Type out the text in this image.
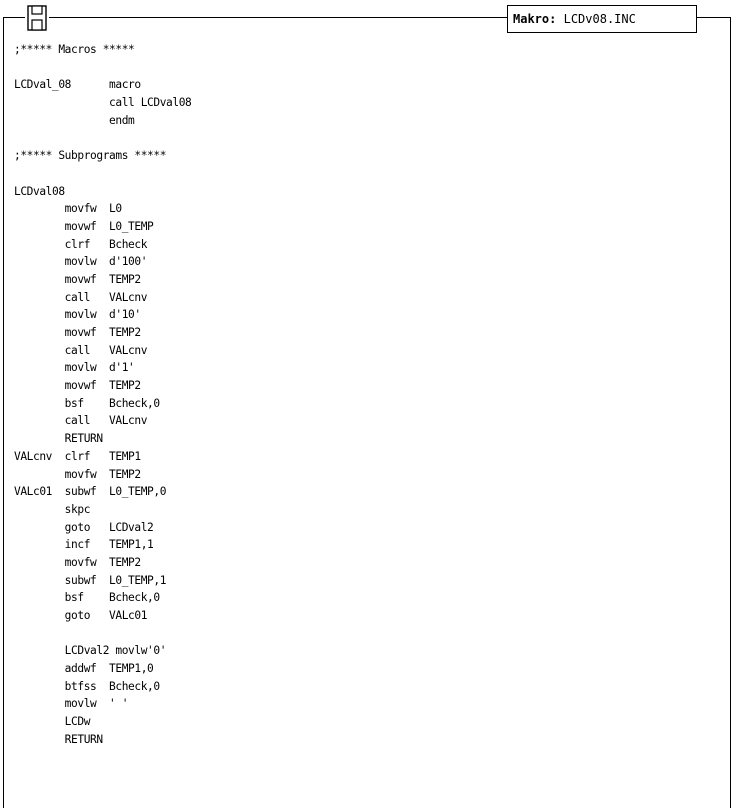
Makro: LCDv08.INC
;***** Macros *****
LCDval_08      macro
call LCDval08
endm
;***** Subprograms *****
LCDval08
movfw  L0
movwf  L0_TEMP
clrf   Bcheck
movlw  d'100'
movwf  TEMP2
call   VALcnv
movlw  d'10'
movwf  TEMP2
call   VALcnv
movlw  d'1'
movwf  TEMP2
bsf    Bcheck,0
call   VALcnv
RETURN
VALcnv  clrf   TEMP1
movfw  TEMP2
VALc01  subwf  L0_TEMP,0
skpc
goto   LCDval2
incf   TEMP1,1
movfw  TEMP2
subwf  L0_TEMP,1
bsf    Bcheck,0
goto   VALc01
LCDval2 movlw'0'
addwf  TEMP1,0
btfss  Bcheck,0
movlw  ' '
LCDw
RETURN
